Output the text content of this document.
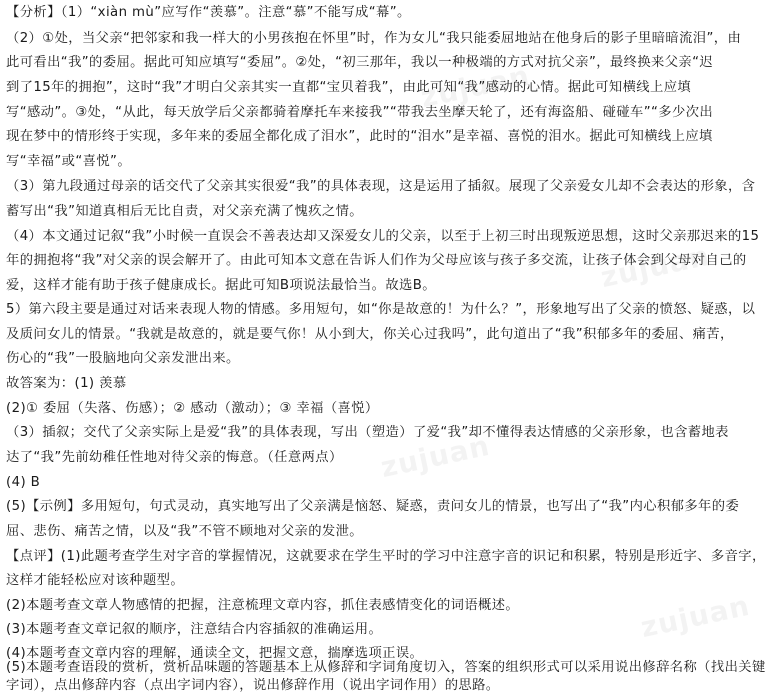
【分析】（1）“xiàn mù”应写作“羡慕”。注意“慕”不能写成“幕”。
（2）①处，当父亲“把邻家和我一样大的小男孩抱在怀里”时，作为女儿“我只能委屈地站在他身后的影子里暗暗流泪”，由
此可看出“我”的委屈。据此可知应填写“委屈”。②处，“初三那年，我以一种极端的方式对抗父亲”，最终换来父亲“迟
到了15年的拥抱”，这时“我”才明白父亲其实一直都“宝贝着我”，由此可知“我”感动的心情。据此可知横线上应填
写“感动”。③处，“从此，每天放学后父亲都骑着摩托车来接我”“带我去坐摩天轮了，还有海盗船、碰碰车”“多少次出
现在梦中的情形终于实现，多年来的委屈全都化成了泪水”，此时的“泪水”是幸福、喜悦的泪水。据此可知横线上应填
写“幸福”或“喜悦”。
（3）第九段通过母亲的话交代了父亲其实很爱“我”的具体表现，这是运用了插叙。展现了父亲爱女儿却不会表达的形象，含
蓄写出“我”知道真相后无比自责，对父亲充满了愧疚之情。
（4）本文通过记叙“我”小时候一直误会不善表达却又深爱女儿的父亲，以至于上初三时出现叛逆思想，这时父亲那迟来的15
年的拥抱将“我”对父亲的误会解开了。由此可知本文意在告诉人们作为父母应该与孩子多交流，让孩子体会到父母对自己的
爱，这样才能有助于孩子健康成长。据此可知B项说法最恰当。故选B。
5）第六段主要是通过对话来表现人物的情感。多用短句，如“你是故意的！为什么？”，形象地写出了父亲的愤怒、疑惑，以
及质问女儿的情景。“我就是故意的，就是要气你！从小到大，你关心过我吗”，此句道出了“我”积郁多年的委屈、痛苦，
伤心的“我”一股脑地向父亲发泄出来。
故答案为：(1) 羡慕
(2)① 委屈（失落、伤感）；② 感动（激动）；③ 幸福（喜悦）
（3）插叙；交代了父亲实际上是爱“我”的具体表现，写出（塑造）了爱“我”却不懂得表达情感的父亲形象，也含蓄地表
达了“我”先前幼稚任性地对待父亲的悔意。（任意两点）
(4) B
(5)【示例】多用短句，句式灵动，真实地写出了父亲满是恼怒、疑惑，责问女儿的情景，也写出了“我”内心积郁多年的委
屈、悲伤、痛苦之情，以及“我”不管不顾地对父亲的发泄。
【点评】(1)此题考查学生对字音的掌握情况，这就要求在学生平时的学习中注意字音的识记和积累，特别是形近字、多音字，
这样才能轻松应对该种题型。
(2)本题考查文章人物感情的把握，注意梳理文章内容，抓住表感情变化的词语概述。
(3)本题考查文章记叙的顺序，注意结合内容插叙的准确运用。
(4)本题考查文章内容的理解，通读全文，把握文意，揣摩选项正误。
(5)本题考查语段的赏析，赏析品味题的答题基本上从修辞和字词角度切入，答案的组织形式可以采用说出修辞名称（找出关键
字词），点出修辞内容（点出字词内容），说出修辞作用（说出字词作用）的思路。
